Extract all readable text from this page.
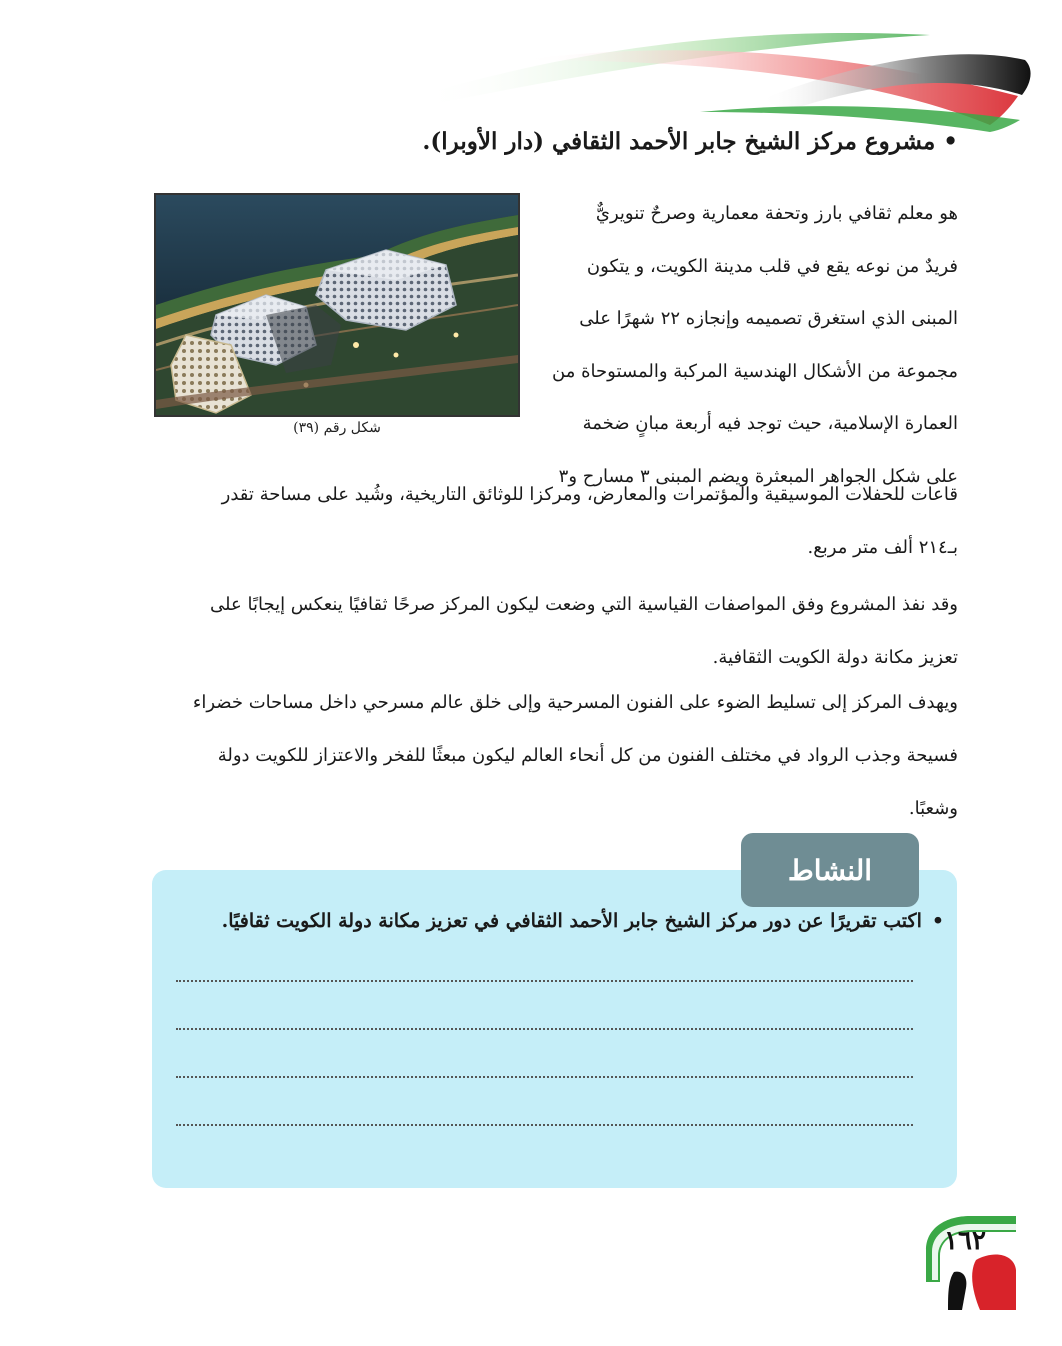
•مشروع مركز الشيخ جابر الأحمد الثقافي (دار الأوبرا).
شكل رقم (٣٩)

هو معلم ثقافي بارز وتحفة معمارية وصرحٌ تنويريٌّ

فريدٌ من نوعه يقع في قلب مدينة الكويت، و يتكون

المبنى الذي استغرق تصميمه وإنجازه ٢٢ شهرًا على

مجموعة من الأشكال الهندسية المركبة والمستوحاة من

العمارة الإسلامية، حيث توجد فيه أربعة مبانٍ ضخمة

على شكل الجواهر المبعثرة ويضم المبنى ٣ مسارح و٣

قاعات للحفلات الموسيقية والمؤتمرات والمعارض، ومركزا للوثائق التاريخية، وشُيد على مساحة تقدر

بـ٢١٤ ألف متر مربع.

وقد نفذ المشروع وفق المواصفات القياسية التي وضعت ليكون المركز صرحًا ثقافيًا ينعكس إيجابًا على

تعزيز مكانة دولة الكويت الثقافية.

ويهدف المركز إلى تسليط الضوء على الفنون المسرحية وإلى خلق عالم مسرحي داخل مساحات خضراء

فسيحة وجذب الرواد في مختلف الفنون من كل أنحاء العالم ليكون مبعثًا للفخر والاعتزاز للكويت دولة

وشعبًا.

النشاط
•اكتب تقريرًا عن دور مركز الشيخ جابر الأحمد الثقافي في تعزيز مكانة دولة الكويت ثقافيًا.
١٦٢
